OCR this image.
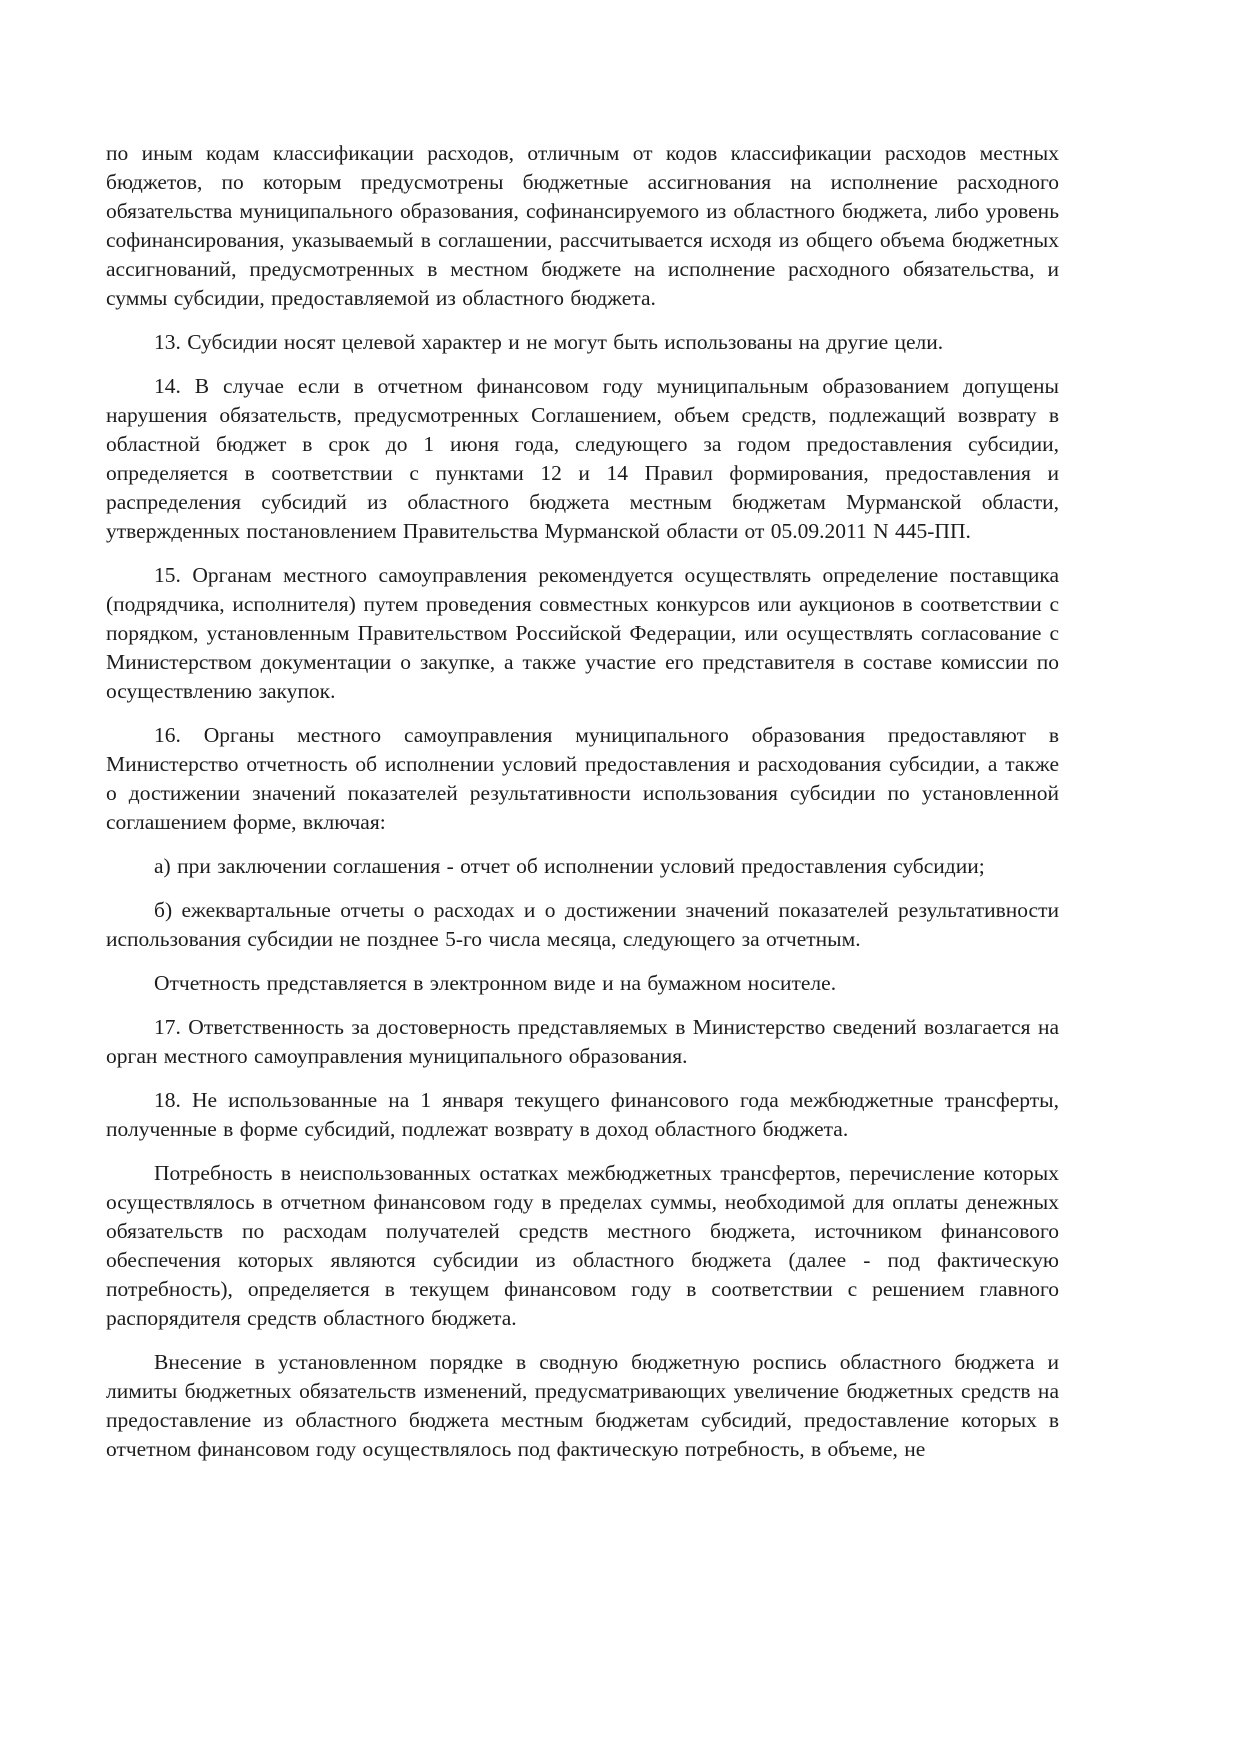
по иным кодам классификации расходов, отличным от кодов классификации расходов местных бюджетов, по которым предусмотрены бюджетные ассигнования на исполнение расходного обязательства муниципального образования, софинансируемого из областного бюджета, либо уровень софинансирования, указываемый в соглашении, рассчитывается исходя из общего объема бюджетных ассигнований, предусмотренных в местном бюджете на исполнение расходного обязательства, и суммы субсидии, предоставляемой из областного бюджета.

13. Субсидии носят целевой характер и не могут быть использованы на другие цели.

14. В случае если в отчетном финансовом году муниципальным образованием допущены нарушения обязательств, предусмотренных Соглашением, объем средств, подлежащий возврату в областной бюджет в срок до 1 июня года, следующего за годом предоставления субсидии, определяется в соответствии с пунктами 12 и 14 Правил формирования, предоставления и распределения субсидий из областного бюджета местным бюджетам Мурманской области, утвержденных постановлением Правительства Мурманской области от 05.09.2011 N 445-ПП.

15. Органам местного самоуправления рекомендуется осуществлять определение поставщика (подрядчика, исполнителя) путем проведения совместных конкурсов или аукционов в соответствии с порядком, установленным Правительством Российской Федерации, или осуществлять согласование с Министерством документации о закупке, а также участие его представителя в составе комиссии по осуществлению закупок.

16. Органы местного самоуправления муниципального образования предоставляют в Министерство отчетность об исполнении условий предоставления и расходования субсидии, а также о достижении значений показателей результативности использования субсидии по установленной соглашением форме, включая:

а) при заключении соглашения - отчет об исполнении условий предоставления субсидии;

б) ежеквартальные отчеты о расходах и о достижении значений показателей результативности использования субсидии не позднее 5-го числа месяца, следующего за отчетным.

Отчетность представляется в электронном виде и на бумажном носителе.

17. Ответственность за достоверность представляемых в Министерство сведений возлагается на орган местного самоуправления муниципального образования.

18. Не использованные на 1 января текущего финансового года межбюджетные трансферты, полученные в форме субсидий, подлежат возврату в доход областного бюджета.

Потребность в неиспользованных остатках межбюджетных трансфертов, перечисление которых осуществлялось в отчетном финансовом году в пределах суммы, необходимой для оплаты денежных обязательств по расходам получателей средств местного бюджета, источником финансового обеспечения которых являются субсидии из областного бюджета (далее - под фактическую потребность), определяется в текущем финансовом году в соответствии с решением главного распорядителя средств областного бюджета.

Внесение в установленном порядке в сводную бюджетную роспись областного бюджета и лимиты бюджетных обязательств изменений, предусматривающих увеличение бюджетных средств на предоставление из областного бюджета местным бюджетам субсидий, предоставление которых в отчетном финансовом году осуществлялось под фактическую потребность, в объеме, не
